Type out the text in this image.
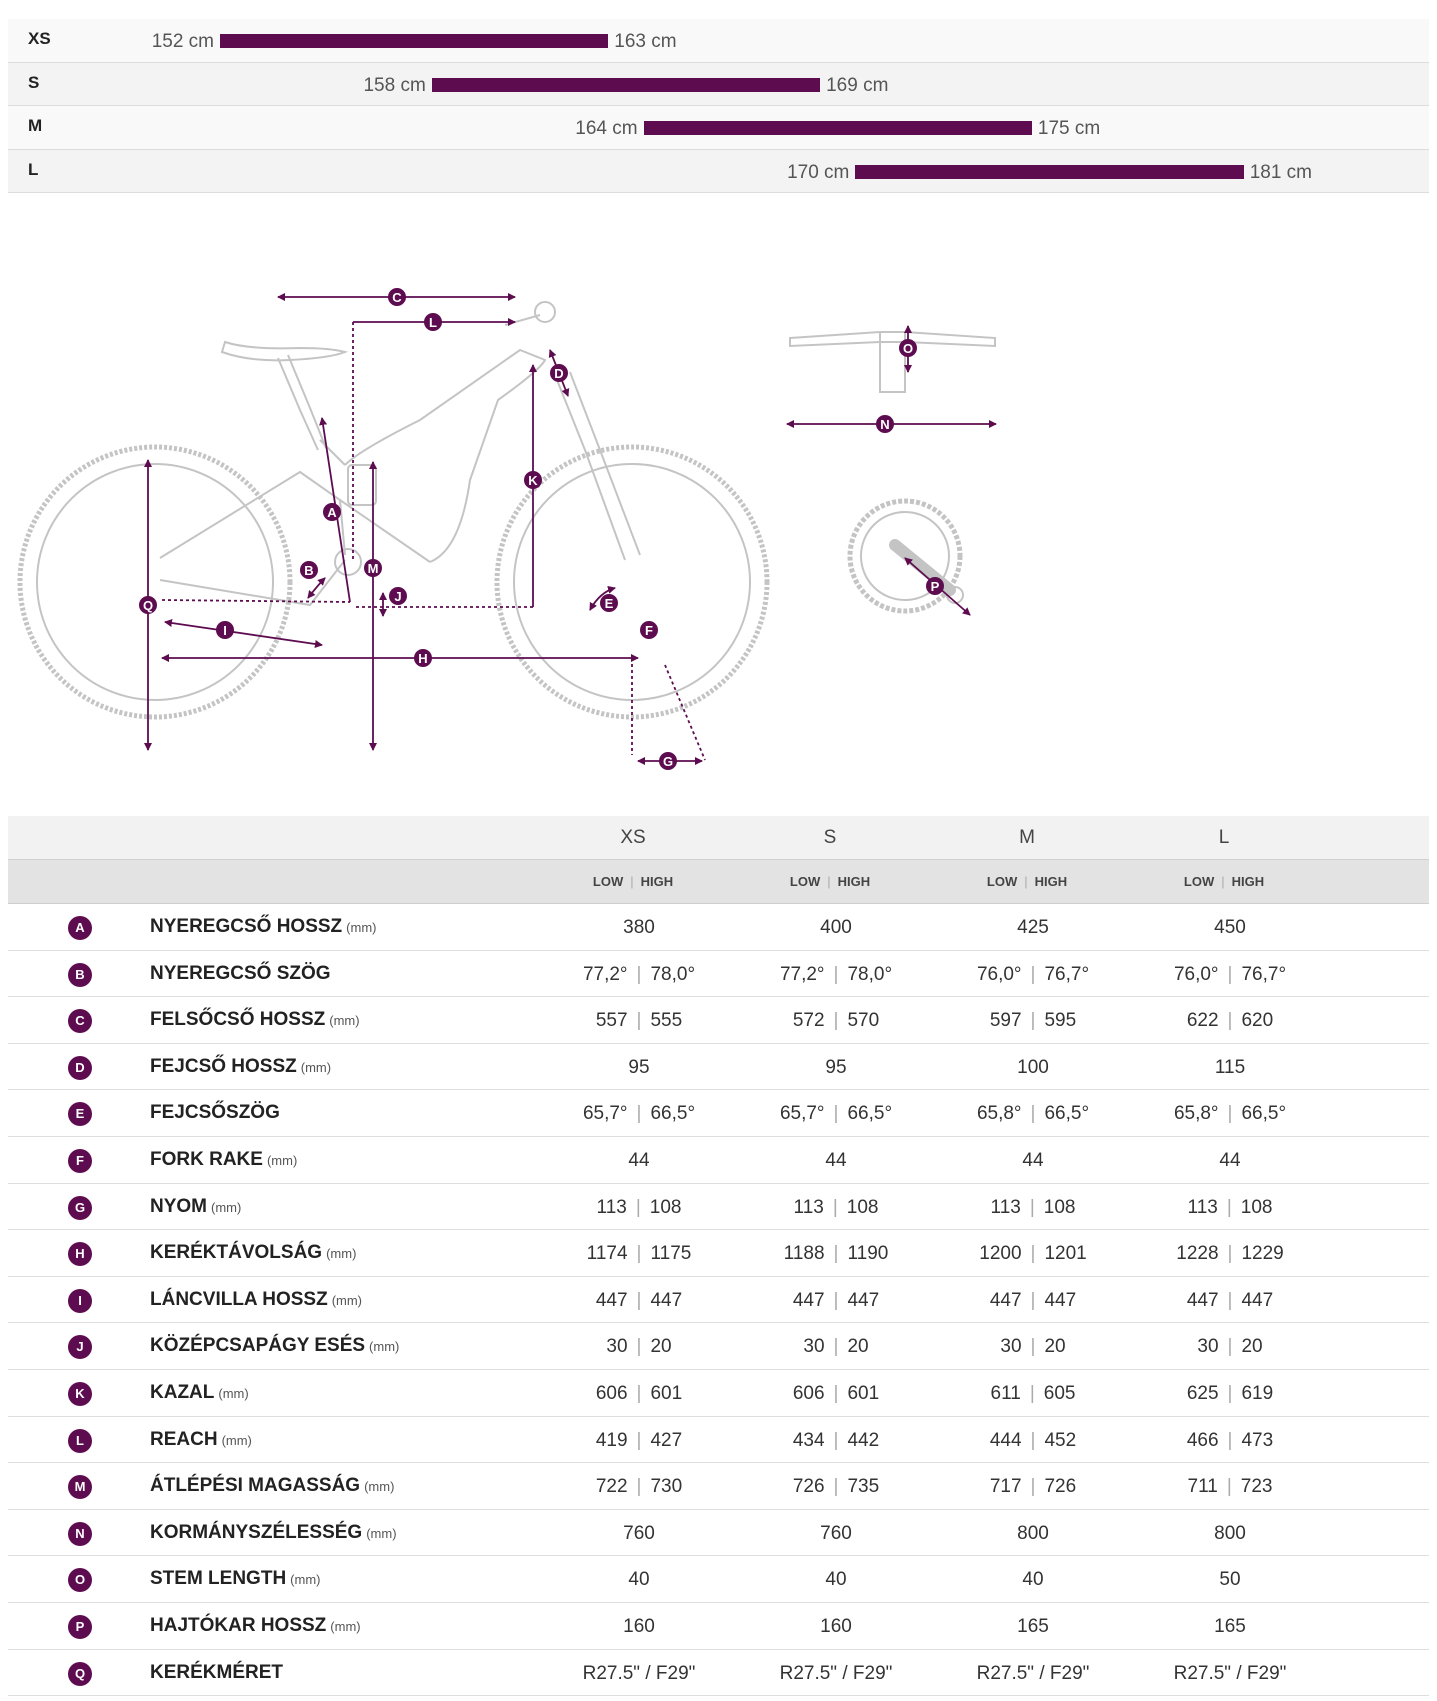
XS	152 cm	163 cm
S	158 cm	169 cm
M	164 cm	175 cm
L	170 cm	181 cm
C
L
D
K
A
B	M
J
Q
I
H
E
F
G
O
N
P
XS	S	M	L
LOW | HIGH	LOW | HIGH	LOW | HIGH	LOW | HIGH
A	NYEREGCSŐ HOSSZ (mm)	380	400	425	450
B	NYEREGCSŐ SZÖG	77,2° | 78,0°	77,2° | 78,0°	76,0° | 76,7°	76,0° | 76,7°
C	FELSŐCSŐ HOSSZ (mm)	557 | 555	572 | 570	597 | 595	622 | 620
D	FEJCSŐ HOSSZ (mm)	95	95	100	115
E	FEJCSŐSZÖG	65,7° | 66,5°	65,7° | 66,5°	65,8° | 66,5°	65,8° | 66,5°
F	FORK RAKE (mm)	44	44	44	44
G	NYOM (mm)	113 | 108	113 | 108	113 | 108	113 | 108
H	KERÉKTÁVOLSÁG (mm)	1174 | 1175	1188 | 1190	1200 | 1201	1228 | 1229
I	LÁNCVILLA HOSSZ (mm)	447 | 447	447 | 447	447 | 447	447 | 447
J	KÖZÉPCSAPÁGY ESÉS (mm)	30 | 20	30 | 20	30 | 20	30 | 20
K	KAZAL (mm)	606 | 601	606 | 601	611 | 605	625 | 619
L	REACH (mm)	419 | 427	434 | 442	444 | 452	466 | 473
M	ÁTLÉPÉSI MAGASSÁG (mm)	722 | 730	726 | 735	717 | 726	711 | 723
N	KORMÁNYSZÉLESSÉG (mm)	760	760	800	800
O	STEM LENGTH (mm)	40	40	40	50
P	HAJTÓKAR HOSSZ (mm)	160	160	165	165
Q	KERÉKMÉRET	R27.5" / F29"	R27.5" / F29"	R27.5" / F29"	R27.5" / F29"
